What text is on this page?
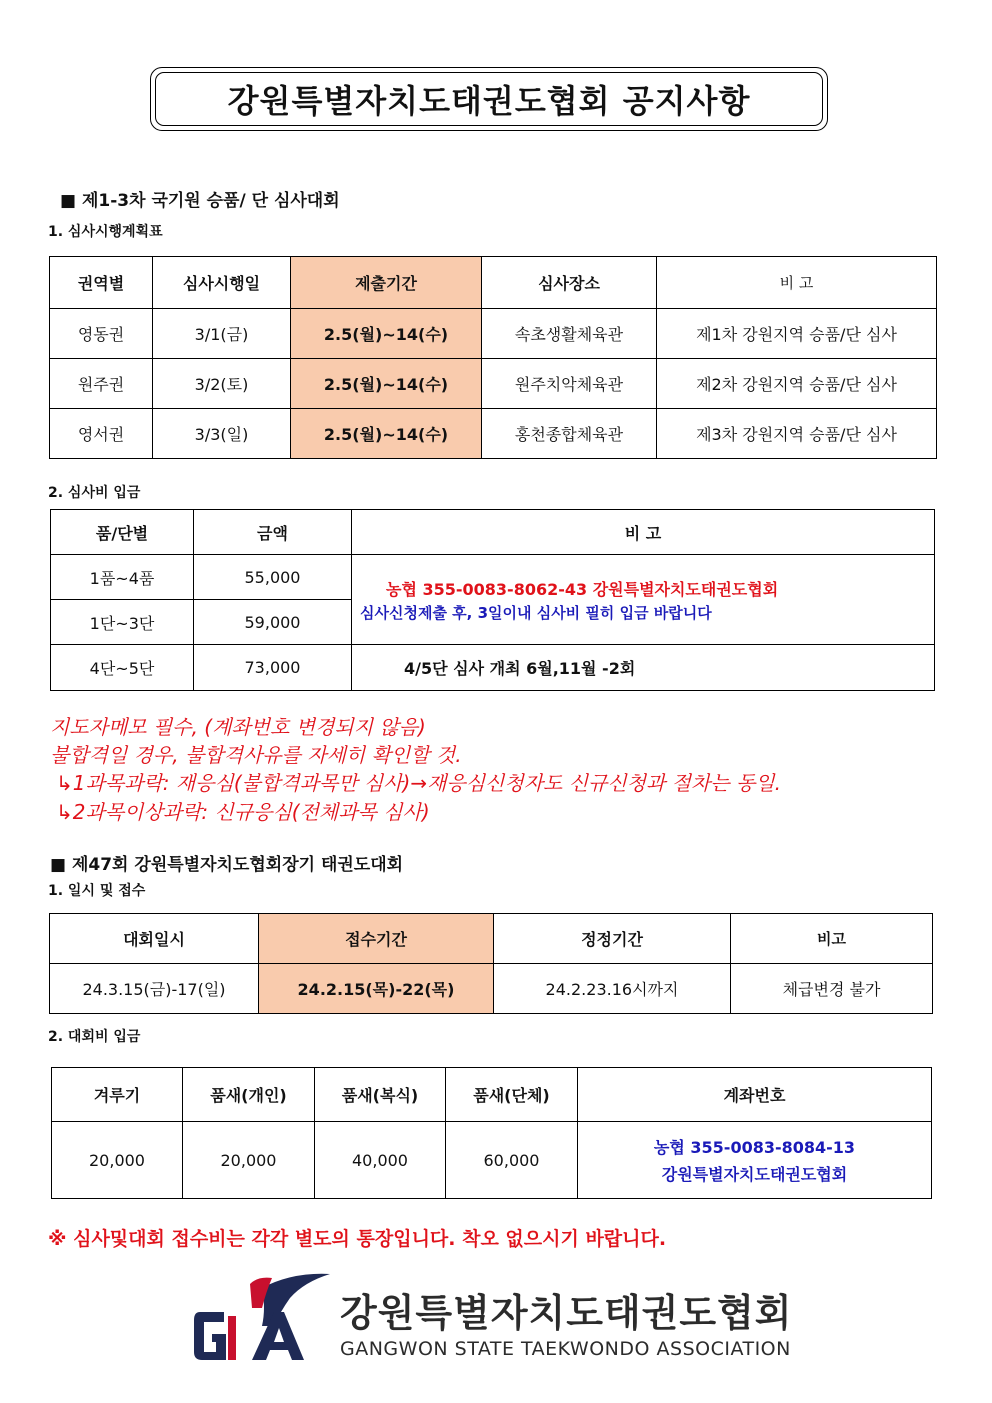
강원특별자치도태권도협회 공지사항
■ 제1-3차 국기원 승품/ 단 심사대회
1. 심사시행계획표
권역별	심사시행일	제출기간	심사장소	비 고
영동권	3/1(금)	2.5(월)~14(수)	속초생활체육관	제1차 강원지역 승품/단 심사
원주권	3/2(토)	2.5(월)~14(수)	원주치악체육관	제2차 강원지역 승품/단 심사
영서권	3/3(일)	2.5(월)~14(수)	홍천종합체육관	제3차 강원지역 승품/단 심사
2. 심사비 입금
품/단별	금액	비 고
1품~4품	55,000	농협 355-0083-8062-43 강원특별자치도태권도협회
심사신청제출 후, 3일이내 심사비 필히 입금 바랍니다

1단~3단	59,000	
4단~5단	73,000	4/5단 심사 개최 6월,11월 -2회
지도자메모 필수, (계좌번호 변경되지 않음)
불합격일 경우, 불합격사유를 자세히 확인할 것.
↳1과목과락: 재응심(불합격과목만 심사)→재응심신청자도 신규신청과 절차는 동일.
↳2과목이상과락: 신규응심(전체과목 심사)
■ 제47회 강원특별자치도협회장기 태권도대회
1. 일시 및 접수
대회일시	접수기간	정정기간	비고
24.3.15(금)-17(일)	24.2.15(목)-22(목)	24.2.23.16시까지	체급변경 불가
2. 대회비 입금
겨루기	품새(개인)	품새(복식)	품새(단체)	계좌번호
20,000	20,000	40,000	60,000	농협 355-0083-8084-13
강원특별자치도태권도협회
※ 심사및대회 접수비는 각각 별도의 통장입니다. 착오 없으시기 바랍니다.
강원특별자치도태권도협회
GANGWON STATE TAEKWONDO ASSOCIATION
